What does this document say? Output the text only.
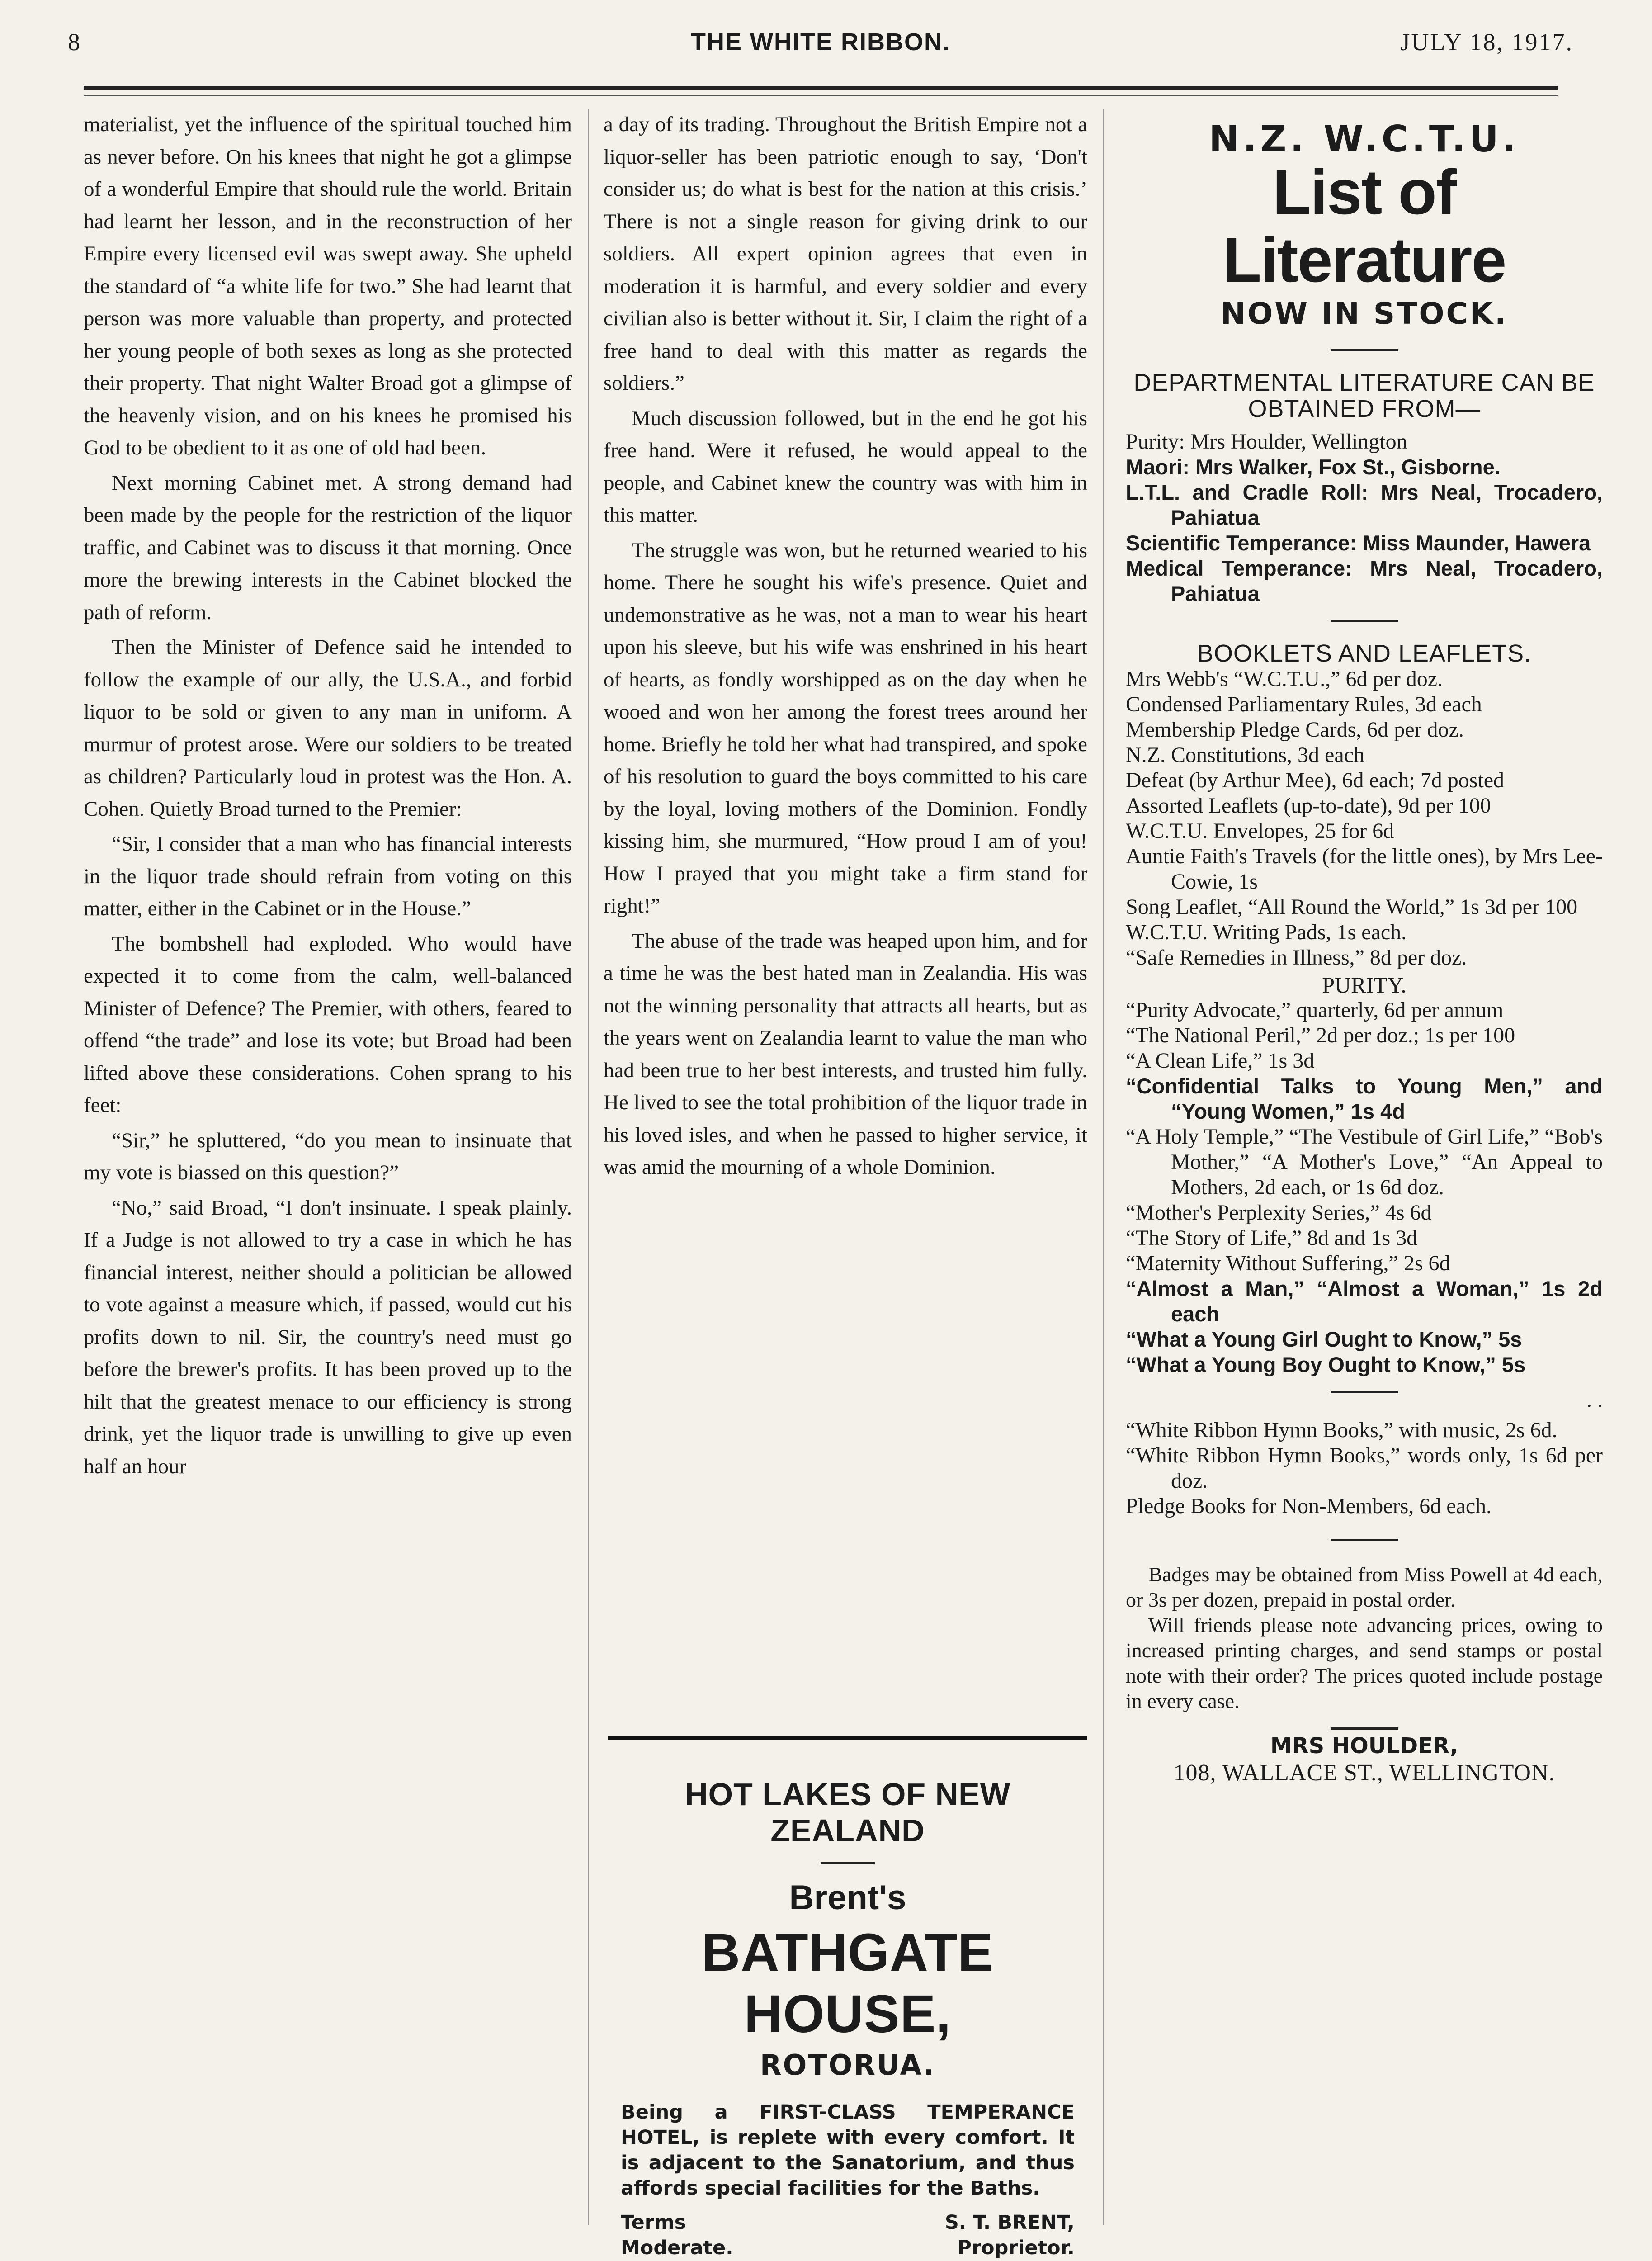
8	THE WHITE RIBBON.	JULY 18, 1917.

materialist, yet the influence of the spiritual touched him as never before. On his knees that night he got a glimpse of a wonderful Empire that should rule the world. Britain had learnt her lesson, and in the reconstruction of her Empire every licensed evil was swept away. She upheld the standard of “a white life for two.” She had learnt that person was more valuable than property, and protected her young people of both sexes as long as she protected their property. That night Walter Broad got a glimpse of the heavenly vision, and on his knees he promised his God to be obedient to it as one of old had been.

Next morning Cabinet met. A strong demand had been made by the people for the restriction of the liquor traffic, and Cabinet was to discuss it that morning. Once more the brewing interests in the Cabinet blocked the path of reform.

Then the Minister of Defence said he intended to follow the example of our ally, the U.S.A., and forbid liquor to be sold or given to any man in uniform. A murmur of protest arose. Were our soldiers to be treated as children? Particularly loud in protest was the Hon. A. Cohen. Quietly Broad turned to the Premier:

“Sir, I consider that a man who has financial interests in the liquor trade should refrain from voting on this matter, either in the Cabinet or in the House.”

The bombshell had exploded. Who would have expected it to come from the calm, well-balanced Minister of Defence? The Premier, with others, feared to offend “the trade” and lose its vote; but Broad had been lifted above these considerations. Cohen sprang to his feet:

“Sir,” he spluttered, “do you mean to insinuate that my vote is biassed on this question?”

“No,” said Broad, “I don't insinuate. I speak plainly. If a Judge is not allowed to try a case in which he has financial interest, neither should a politician be allowed to vote against a measure which, if passed, would cut his profits down to nil. Sir, the country's need must go before the brewer's profits. It has been proved up to the hilt that the greatest menace to our efficiency is strong drink, yet the liquor trade is unwilling to give up even half an hour

a day of its trading. Throughout the British Empire not a liquor-seller has been patriotic enough to say, ‘Don't consider us; do what is best for the nation at this crisis.’ There is not a single reason for giving drink to our soldiers. All expert opinion agrees that even in moderation it is harmful, and every soldier and every civilian also is better without it. Sir, I claim the right of a free hand to deal with this matter as regards the soldiers.”

Much discussion followed, but in the end he got his free hand. Were it refused, he would appeal to the people, and Cabinet knew the country was with him in this matter.

The struggle was won, but he returned wearied to his home. There he sought his wife's presence. Quiet and undemonstrative as he was, not a man to wear his heart upon his sleeve, but his wife was enshrined in his heart of hearts, as fondly worshipped as on the day when he wooed and won her among the forest trees around her home. Briefly he told her what had transpired, and spoke of his resolution to guard the boys committed to his care by the loyal, loving mothers of the Dominion. Fondly kissing him, she murmured, “How proud I am of you! How I prayed that you might take a firm stand for right!”

The abuse of the trade was heaped upon him, and for a time he was the best hated man in Zealandia. His was not the winning personality that attracts all hearts, but as the years went on Zealandia learnt to value the man who had been true to her best interests, and trusted him fully. He lived to see the total prohibition of the liquor trade in his loved isles, and when he passed to higher service, it was amid the mourning of a whole Dominion.

HOT LAKES OF NEW ZEALAND
Brent's
BATHGATE HOUSE,
ROTORUA.
Being a FIRST-CLASS TEMPERANCE HOTEL, is replete with every comfort. It is adjacent to the Sanatorium, and thus affords special facilities for the Baths.
Terms
Moderate.
S. T. BRENT,
Proprietor.
N.Z. W.C.T.U.
List of Literature
NOW IN STOCK.
DEPARTMENTAL LITERATURE CAN BE OBTAINED FROM—
Purity: Mrs Houlder, Wellington
Maori: Mrs Walker, Fox St., Gisborne.
L.T.L. and Cradle Roll: Mrs Neal, Trocadero, Pahiatua
Scientific Temperance: Miss Maunder, Hawera
Medical Temperance: Mrs Neal, Trocadero, Pahiatua
BOOKLETS AND LEAFLETS.
Mrs Webb's “W.C.T.U.,” 6d per doz.
Condensed Parliamentary Rules, 3d each
Membership Pledge Cards, 6d per doz.
N.Z. Constitutions, 3d each
Defeat (by Arthur Mee), 6d each; 7d posted
Assorted Leaflets (up-to-date), 9d per 100
W.C.T.U. Envelopes, 25 for 6d
Auntie Faith's Travels (for the little ones), by Mrs Lee-Cowie, 1s
Song Leaflet, “All Round the World,” 1s 3d per 100
W.C.T.U. Writing Pads, 1s each.
“Safe Remedies in Illness,” 8d per doz.
PURITY.
“Purity Advocate,” quarterly, 6d per annum
“The National Peril,” 2d per doz.; 1s per 100
“A Clean Life,” 1s 3d
“Confidential Talks to Young Men,” and “Young Women,” 1s 4d
“A Holy Temple,” “The Vestibule of Girl Life,” “Bob's Mother,” “A Mother's Love,” “An Appeal to Mothers, 2d each, or 1s 6d doz.
“Mother's Perplexity Series,” 4s 6d
“The Story of Life,” 8d and 1s 3d
“Maternity Without Suffering,” 2s 6d
“Almost a Man,” “Almost a Woman,” 1s 2d each
“What a Young Girl Ought to Know,” 5s
“What a Young Boy Ought to Know,” 5s
. .
“White Ribbon Hymn Books,” with music, 2s 6d.
“White Ribbon Hymn Books,” words only, 1s 6d per doz.
Pledge Books for Non-Members, 6d each.
Badges may be obtained from Miss Powell at 4d each, or 3s per dozen, prepaid in postal order.
Will friends please note advancing prices, owing to increased printing charges, and send stamps or postal note with their order? The prices quoted include postage in every case.
MRS HOULDER,
108, WALLACE ST., WELLINGTON.
